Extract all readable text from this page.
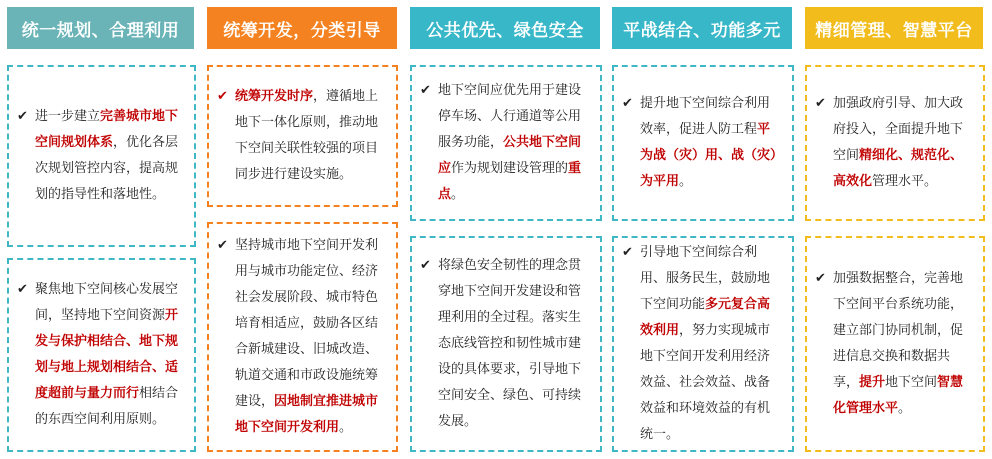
统一规划、合理利用	统筹开发，分类引导	公共优先、绿色安全	平战结合、功能多元	精细管理、智慧平台
✔ 进一步建立完善城市地下空间规划体系，优化各层次规划管控内容，提高规划的指导性和落地性。
✔ 聚焦地下空间核心发展空间，坚持地下空间资源开发与保护相结合、地下规划与地上规划相结合、适度超前与量力而行相结合的东西空间利用原则。
✔ 统筹开发时序，遵循地上地下一体化原则，推动地下空间关联性较强的项目同步进行建设实施。
✔ 坚持城市地下空间开发利用与城市功能定位、经济社会发展阶段、城市特色培育相适应，鼓励各区结合新城建设、旧城改造、轨道交通和市政设施统筹建设，因地制宜推进城市地下空间开发利用。
✔ 地下空间应优先用于建设停车场、人行通道等公用服务功能，公共地下空间应作为规划建设管理的重点。
✔ 将绿色安全韧性的理念贯穿地下空间开发建设和管理利用的全过程。落实生态底线管控和韧性城市建设的具体要求，引导地下空间安全、绿色、可持续发展。
✔ 提升地下空间综合利用效率，促进人防工程平为战（灾）用、战（灾）为平用。
✔ 引导地下空间综合利用、服务民生，鼓励地下空间功能多元复合高效利用，努力实现城市地下空间开发利用经济效益、社会效益、战备效益和环境效益的有机统一。
✔ 加强政府引导、加大政府投入，全面提升地下空间精细化、规范化、高效化管理水平。
✔ 加强数据整合，完善地下空间平台系统功能，建立部门协同机制，促进信息交换和数据共享，提升地下空间智慧化管理水平。
